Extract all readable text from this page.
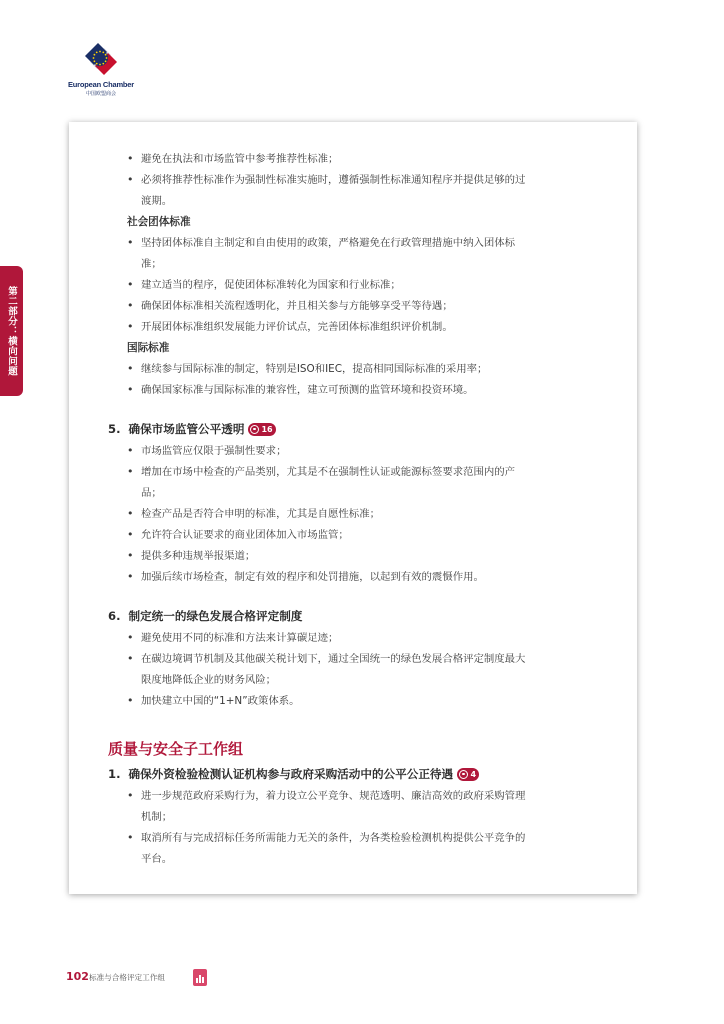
European Chamber
中国欧盟商会
第二部分：横向问题
• 避免在执法和市场监管中参考推荐性标准；
• 必须将推荐性标准作为强制性标准实施时，遵循强制性标准通知程序并提供足够的过
渡期。
社会团体标准
• 坚持团体标准自主制定和自由使用的政策，严格避免在行政管理措施中纳入团体标
准；
• 建立适当的程序，促使团体标准转化为国家和行业标准；
• 确保团体标准相关流程透明化，并且相关参与方能够享受平等待遇；
• 开展团体标准组织发展能力评价试点，完善团体标准组织评价机制。
国际标准
• 继续参与国际标准的制定，特别是ISO和IEC，提高相同国际标准的采用率；
• 确保国家标准与国际标准的兼容性，建立可预测的监管环境和投资环境。
5. 确保市场监管公平透明 16
• 市场监管应仅限于强制性要求；
• 增加在市场中检查的产品类别，尤其是不在强制性认证或能源标签要求范围内的产
品；
• 检查产品是否符合申明的标准，尤其是自愿性标准；
• 允许符合认证要求的商业团体加入市场监管；
• 提供多种违规举报渠道；
• 加强后续市场检查，制定有效的程序和处罚措施，以起到有效的震慑作用。
6. 制定统一的绿色发展合格评定制度
• 避免使用不同的标准和方法来计算碳足迹；
• 在碳边境调节机制及其他碳关税计划下，通过全国统一的绿色发展合格评定制度最大
限度地降低企业的财务风险；
• 加快建立中国的“1+N”政策体系。
质量与安全子工作组
1. 确保外资检验检测认证机构参与政府采购活动中的公平公正待遇 4
• 进一步规范政府采购行为，着力设立公平竞争、规范透明、廉洁高效的政府采购管理
机制；
• 取消所有与完成招标任务所需能力无关的条件，为各类检验检测机构提供公平竞争的
平台。
102 标准与合格评定工作组
